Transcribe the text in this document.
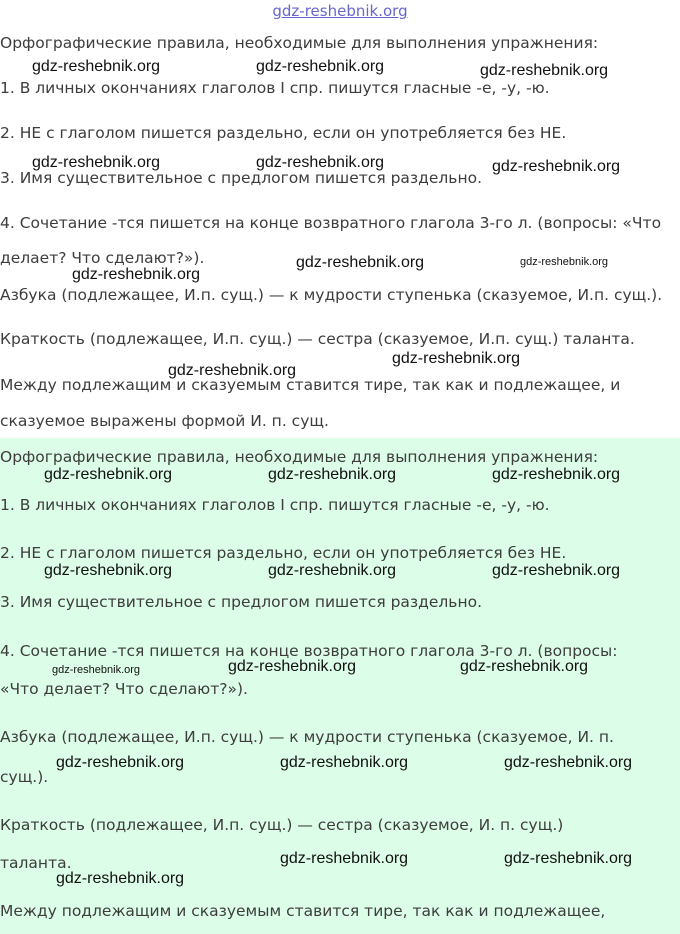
gdz-reshebnik.org
Орфографические правила, необходимые для выполнения упражнения:
1. В личных окончаниях глаголов I спр. пишутся гласные -е, -у, -ю.
2. НЕ с глаголом пишется раздельно, если он употребляется без НЕ.
3. Имя существительное с предлогом пишется раздельно.
4. Сочетание -тся пишется на конце возвратного глагола 3-го л. (вопросы: «Что
делает? Что сделают?»).
Азбука (подлежащее, И.п. сущ.) — к мудрости ступенька (сказуемое, И.п. сущ.).
Краткость (подлежащее, И.п. сущ.) — сестра (сказуемое, И.п. сущ.) таланта.
Между подлежащим и сказуемым ставится тире, так как и подлежащее, и
сказуемое выражены формой И. п. сущ.
Орфографические правила, необходимые для выполнения упражнения:
1. В личных окончаниях глаголов I спр. пишутся гласные -е, -у, -ю.
2. НЕ с глаголом пишется раздельно, если он употребляется без НЕ.
3. Имя существительное с предлогом пишется раздельно.
4. Сочетание -тся пишется на конце возвратного глагола 3-го л. (вопросы:
«Что делает? Что сделают?»).
Азбука (подлежащее, И.п. сущ.) — к мудрости ступенька (сказуемое, И. п.
сущ.).
Краткость (подлежащее, И.п. сущ.) — сестра (сказуемое, И. п. сущ.)
таланта.
Между подлежащим и сказуемым ставится тире, так как и подлежащее,
gdz-reshebnik.org	gdz-reshebnik.org	gdz-reshebnik.org
gdz-reshebnik.org	gdz-reshebnik.org	gdz-reshebnik.org
gdz-reshebnik.org
gdz-reshebnik.org	gdz-reshebnik.org
gdz-reshebnik.org
gdz-reshebnik.org
gdz-reshebnik.org	gdz-reshebnik.org	gdz-reshebnik.org
gdz-reshebnik.org	gdz-reshebnik.org	gdz-reshebnik.org
gdz-reshebnik.org	gdz-reshebnik.org	gdz-reshebnik.org
gdz-reshebnik.org	gdz-reshebnik.org	gdz-reshebnik.org
gdz-reshebnik.org	gdz-reshebnik.org
gdz-reshebnik.org
